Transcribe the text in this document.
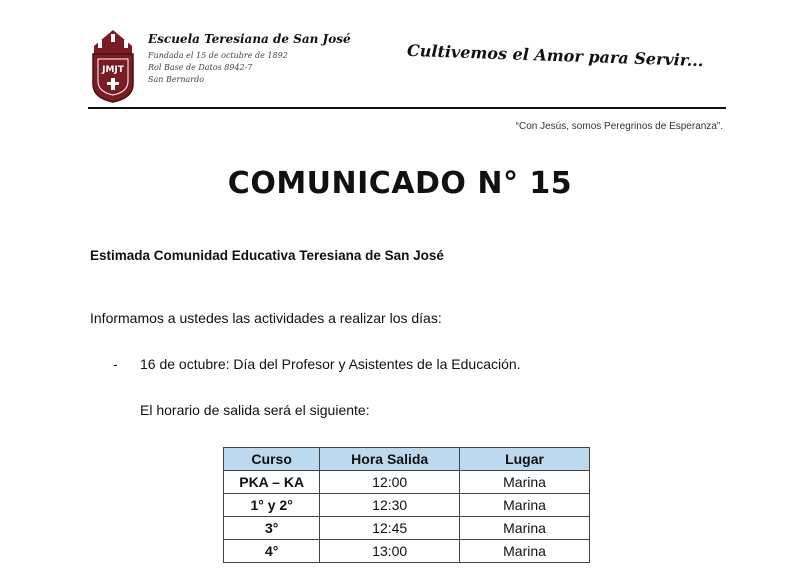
JMJT
Escuela Teresiana de San José
Fundada el 15 de octubre de 1892
Rol Base de Datos 8942-7
San Bernardo
Cultivemos el Amor para Servir...
“Con Jesús, somos Peregrinos de Esperanza”.
COMUNICADO N° 15
Estimada Comunidad Educativa Teresiana de San José
Informamos a ustedes las actividades a realizar los días:
- 16 de octubre: Día del Profesor y Asistentes de la Educación.
El horario de salida será el siguiente:
Curso	Hora Salida	Lugar
PKA – KA	12:00	Marina
1° y 2°	12:30	Marina
3°	12:45	Marina
4°	13:00	Marina
